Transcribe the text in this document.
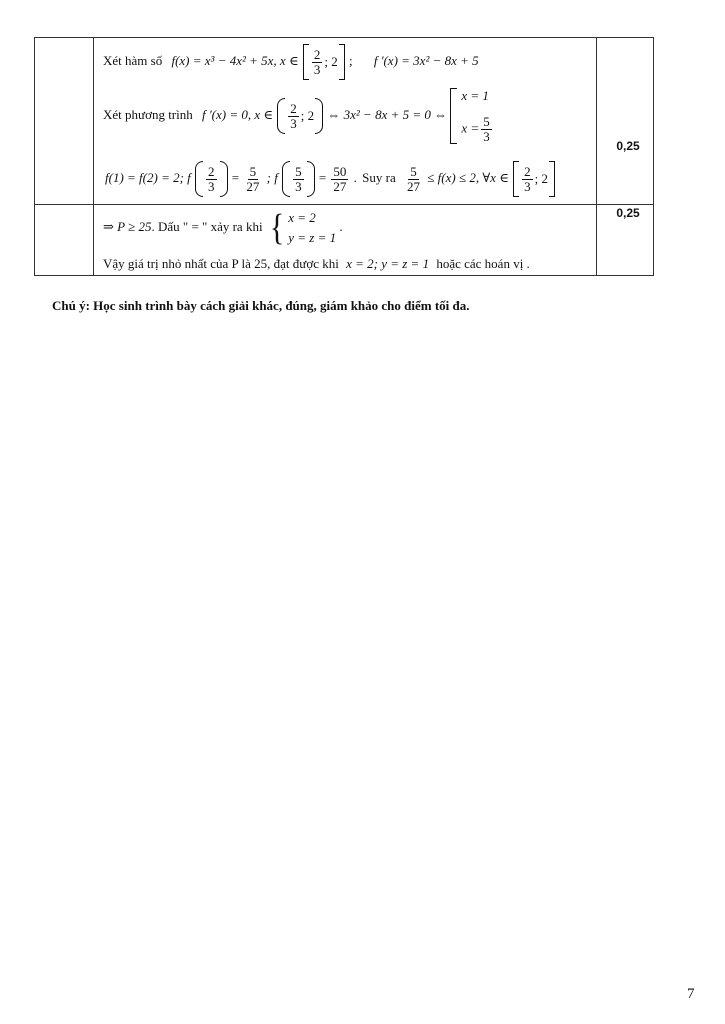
Xét hàm số f(x) = x³ − 4x² + 5x, x ∈ $\frac{2}{3}$ ; 2 ; f '(x) = 3x² − 8x + 5
Xét phương trình f '(x) = 0, x ∈ $\frac{2}{3}$ ; 2 ⇔ 3x² − 8x + 5 = 0 ⇔
x = 1
$x = \frac{5}{3}$
f(1) = f(2) = 2; f $\frac{2}{3} = \frac{5}{27}$ ; f $\frac{5}{3} = \frac{50}{27}$ . Suy ra $\frac{5}{27} \le f(x) \le 2$, ∀x ∈ $\frac{2}{3}$ ; 2
0,25
⇒ P ≥ 25. Dấu " = " xảy ra khi { x = 2
y = z = 1
.
Vậy giá trị nhỏ nhất của P là 25, đạt được khi x = 2; y = z = 1 hoặc các hoán vị .
0,25
Chú ý: Học sinh trình bày cách giải khác, đúng, giám khảo cho điểm tối đa.
7
